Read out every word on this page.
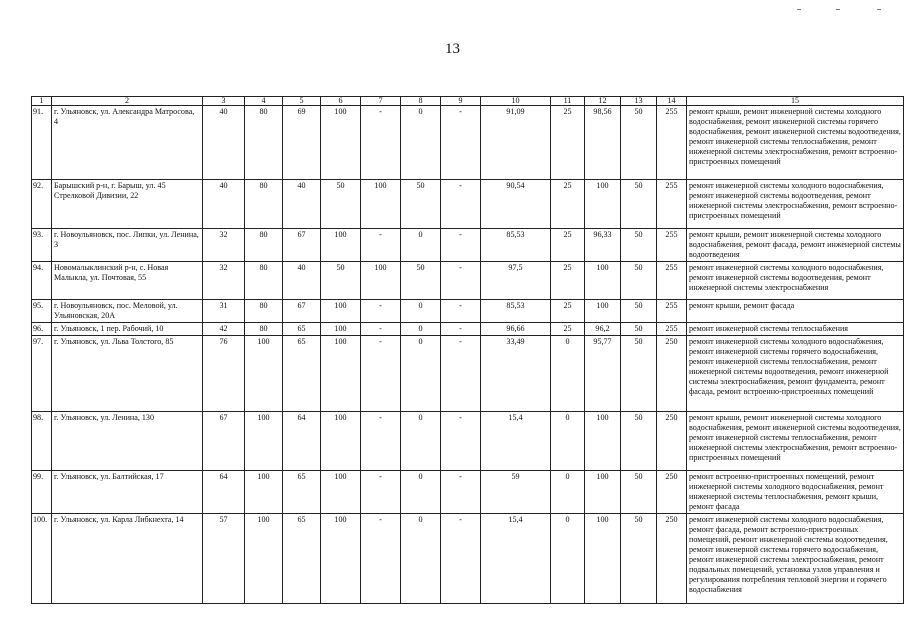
13
1	2	3	4	5	6	7	8	9	10	11	12	13	14	15
91.	г. Ульяновск, ул. Александра Матросова, 4	40	80	69	100	-	0	-	91,09	25	98,56	50	255	ремонт крыши, ремонт инженерной системы холодного водоснабжения, ремонт инженерной системы горячего водоснабжения, ремонт инженерной системы водоотведения, ремонт инженерной системы теплоснабжения, ремонт инженерной системы электроснабжения, ремонт встроенно-пристроенных помещений
92.	Барышский р-н, г. Барыш, ул. 45 Стрелковой Дивизии, 22	40	80	40	50	100	50	-	90,54	25	100	50	255	ремонт инженерной системы холодного водоснабжения, ремонт инженерной системы водоотведения, ремонт инженерной системы электроснабжения, ремонт встроенно-пристроенных помещений
93.	г. Новоульяновск, пос. Липки, ул. Ленина, 3	32	80	67	100	-	0	-	85,53	25	96,33	50	255	ремонт крыши, ремонт инженерной системы холодного водоснабжения, ремонт фасада, ремонт инженерной системы водоотведения
94.	Новомалыклинский р-н, с. Новая Малыкла, ул. Почтовая, 55	32	80	40	50	100	50	-	97,5	25	100	50	255	ремонт инженерной системы холодного водоснабжения, ремонт инженерной системы водоотведения, ремонт инженерной системы электроснабжения
95.	г. Новоульяновск, пос. Меловой, ул. Ульяновская, 20А	31	80	67	100	-	0	-	85,53	25	100	50	255	ремонт крыши, ремонт фасада
96.	г. Ульяновск, 1 пер. Рабочий, 10	42	80	65	100	-	0	-	96,66	25	96,2	50	255	ремонт инженерной системы теплоснабжения
97.	г. Ульяновск, ул. Льва Толстого, 85	76	100	65	100	-	0	-	33,49	0	95,77	50	250	ремонт инженерной системы холодного водоснабжения, ремонт инженерной системы горячего водоснабжения, ремонт инженерной системы теплоснабжения, ремонт инженерной системы водоотведения, ремонт инженерной системы электроснабжения, ремонт фундамента, ремонт фасада, ремонт встроенно-пристроенных помещений
98.	г. Ульяновск, ул. Ленина, 130	67	100	64	100	-	0	-	15,4	0	100	50	250	ремонт крыши, ремонт инженерной системы холодного водоснабжения, ремонт инженерной системы водоотведения, ремонт инженерной системы теплоснабжения, ремонт инженерной системы электроснабжения, ремонт встроенно-пристроенных помещений
99.	г. Ульяновск, ул. Балтийская, 17	64	100	65	100	-	0	-	59	0	100	50	250	ремонт встроенно-пристроенных помещений, ремонт инженерной системы холодного водоснабжения, ремонт инженерной системы теплоснабжения, ремонт крыши, ремонт фасада
100.	г. Ульяновск, ул. Карла Либкнехта, 14	57	100	65	100	-	0	-	15,4	0	100	50	250	ремонт инженерной системы холодного водоснабжения, ремонт фасада, ремонт встроенно-пристроенных помещений, ремонт инженерной системы водоотведения, ремонт инженерной системы горячего водоснабжения, ремонт инженерной системы электроснабжения, ремонт подвальных помещений, установка узлов управления и регулирования потребления тепловой энергии и горячего водоснабжения
